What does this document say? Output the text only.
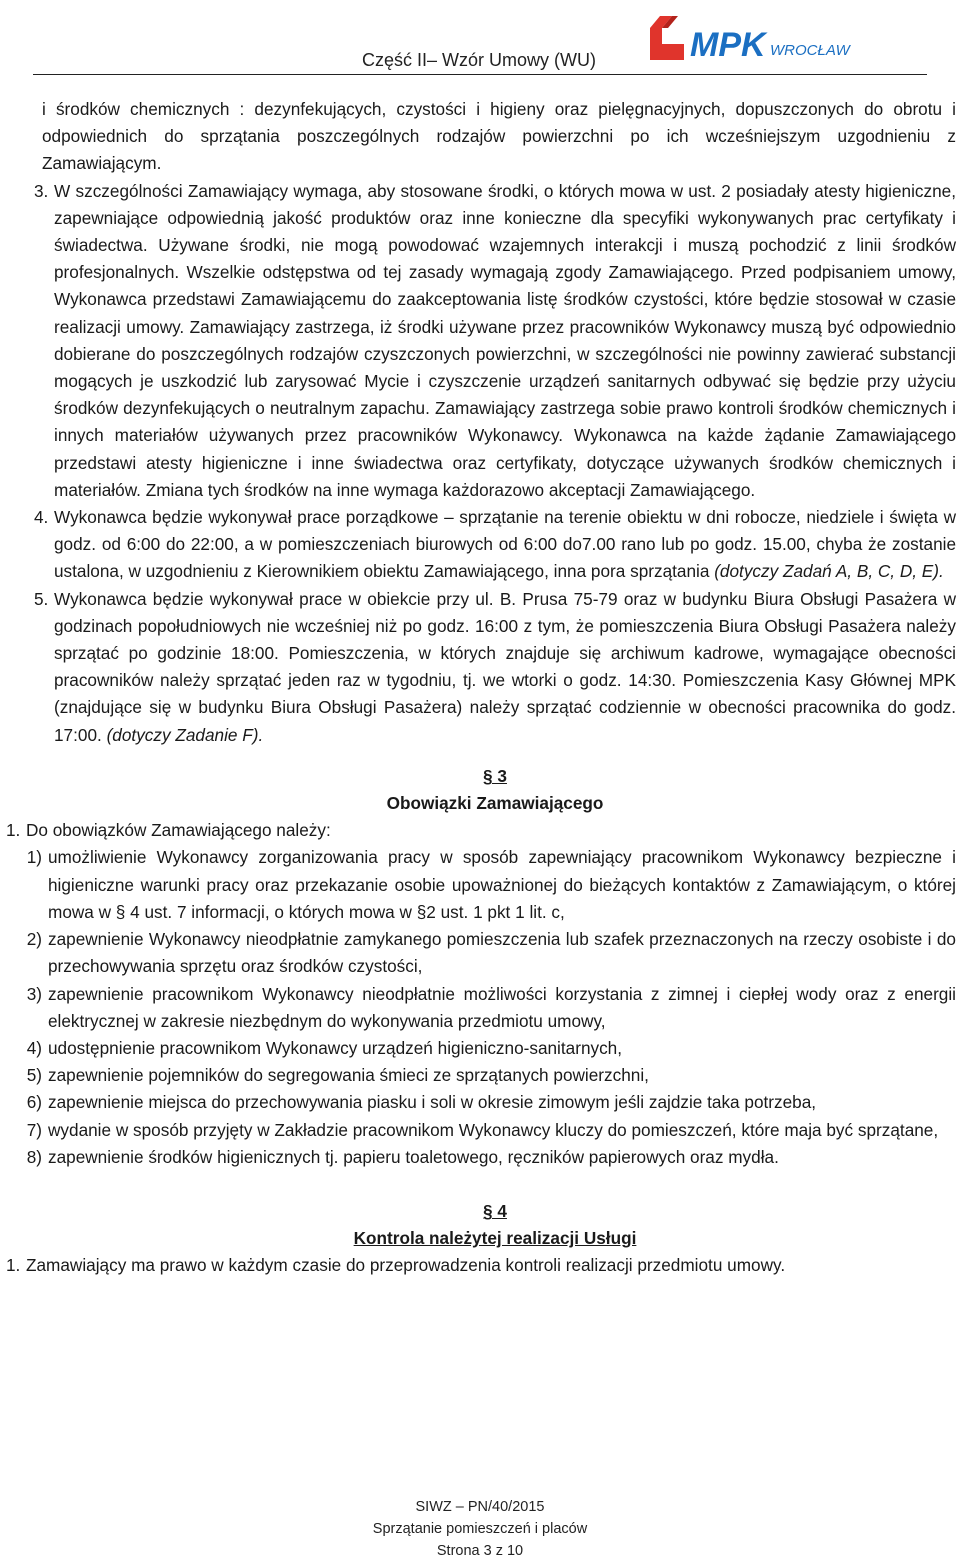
Część II– Wzór Umowy (WU)	MPK WROCŁAW

i środków chemicznych : dezynfekujących, czystości i higieny oraz pielęgnacyjnych, dopuszczonych do obrotu i odpowiednich do sprzątania poszczególnych rodzajów powierzchni po ich wcześniejszym uzgodnieniu z Zamawiającym.

3. W szczególności Zamawiający wymaga, aby stosowane środki, o których mowa w ust. 2 posiadały atesty higieniczne, zapewniające odpowiednią jakość produktów oraz inne konieczne dla specyfiki wykonywanych prac certyfikaty i świadectwa. Używane środki, nie mogą powodować wzajemnych interakcji i muszą pochodzić z linii środków profesjonalnych. Wszelkie odstępstwa od tej zasady wymagają zgody Zamawiającego. Przed podpisaniem umowy, Wykonawca przedstawi Zamawiającemu do zaakceptowania listę środków czystości, które będzie stosował w czasie realizacji umowy. Zamawiający zastrzega, iż środki używane przez pracowników Wykonawcy muszą być odpowiednio dobierane do poszczególnych rodzajów czyszczonych powierzchni, w szczególności nie powinny zawierać substancji mogących je uszkodzić lub zarysować Mycie i czyszczenie urządzeń sanitarnych odbywać się będzie przy użyciu środków dezynfekujących o neutralnym zapachu. Zamawiający zastrzega sobie prawo kontroli środków chemicznych i innych materiałów używanych przez pracowników Wykonawcy. Wykonawca na każde żądanie Zamawiającego przedstawi atesty higieniczne i inne świadectwa oraz certyfikaty, dotyczące używanych środków chemicznych i materiałów. Zmiana tych środków na inne wymaga każdorazowo akceptacji Zamawiającego.
4. Wykonawca będzie wykonywał prace porządkowe – sprzątanie na terenie obiektu w dni robocze, niedziele i święta w godz. od 6:00 do 22:00, a w pomieszczeniach biurowych od 6:00 do7.00 rano lub po godz. 15.00, chyba że zostanie ustalona, w uzgodnieniu z Kierownikiem obiektu Zamawiającego, inna pora sprzątania (dotyczy Zadań A, B, C, D, E).
5. Wykonawca będzie wykonywał prace w obiekcie przy ul. B. Prusa 75-79 oraz w budynku Biura Obsługi Pasażera w godzinach popołudniowych nie wcześniej niż po godz. 16:00 z tym, że pomieszczenia Biura Obsługi Pasażera należy sprzątać po godzinie 18:00. Pomieszczenia, w których znajduje się archiwum kadrowe, wymagające obecności pracowników należy sprzątać jeden raz w tygodniu, tj. we wtorki o godz. 14:30. Pomieszczenia Kasy Głównej MPK (znajdujące się w budynku Biura Obsługi Pasażera) należy sprzątać codziennie w obecności pracownika do godz. 17:00. (dotyczy Zadanie F).
§ 3
Obowiązki Zamawiającego
1. Do obowiązków Zamawiającego należy:
1) umożliwienie Wykonawcy zorganizowania pracy w sposób zapewniający pracownikom Wykonawcy bezpieczne i higieniczne warunki pracy oraz przekazanie osobie upoważnionej do bieżących kontaktów z Zamawiającym, o której mowa w § 4 ust. 7 informacji, o których mowa w §2 ust. 1 pkt 1 lit. c,
2) zapewnienie Wykonawcy nieodpłatnie zamykanego pomieszczenia lub szafek przeznaczonych na rzeczy osobiste i do przechowywania sprzętu oraz środków czystości,
3) zapewnienie pracownikom Wykonawcy nieodpłatnie możliwości korzystania z zimnej i ciepłej wody oraz z energii elektrycznej w zakresie niezbędnym do wykonywania przedmiotu umowy,
4) udostępnienie pracownikom Wykonawcy urządzeń higieniczno-sanitarnych,
5) zapewnienie pojemników do segregowania śmieci ze sprzątanych powierzchni,
6) zapewnienie miejsca do przechowywania piasku i soli w okresie zimowym jeśli zajdzie taka potrzeba,
7) wydanie w sposób przyjęty w Zakładzie pracownikom Wykonawcy kluczy do pomieszczeń, które maja być sprzątane,
8) zapewnienie środków higienicznych tj. papieru toaletowego, ręczników papierowych oraz mydła.
§ 4
Kontrola należytej realizacji Usługi
1. Zamawiający ma prawo w każdym czasie do przeprowadzenia kontroli realizacji przedmiotu umowy.
SIWZ – PN/40/2015
Sprzątanie pomieszczeń i placów
Strona 3 z 10
